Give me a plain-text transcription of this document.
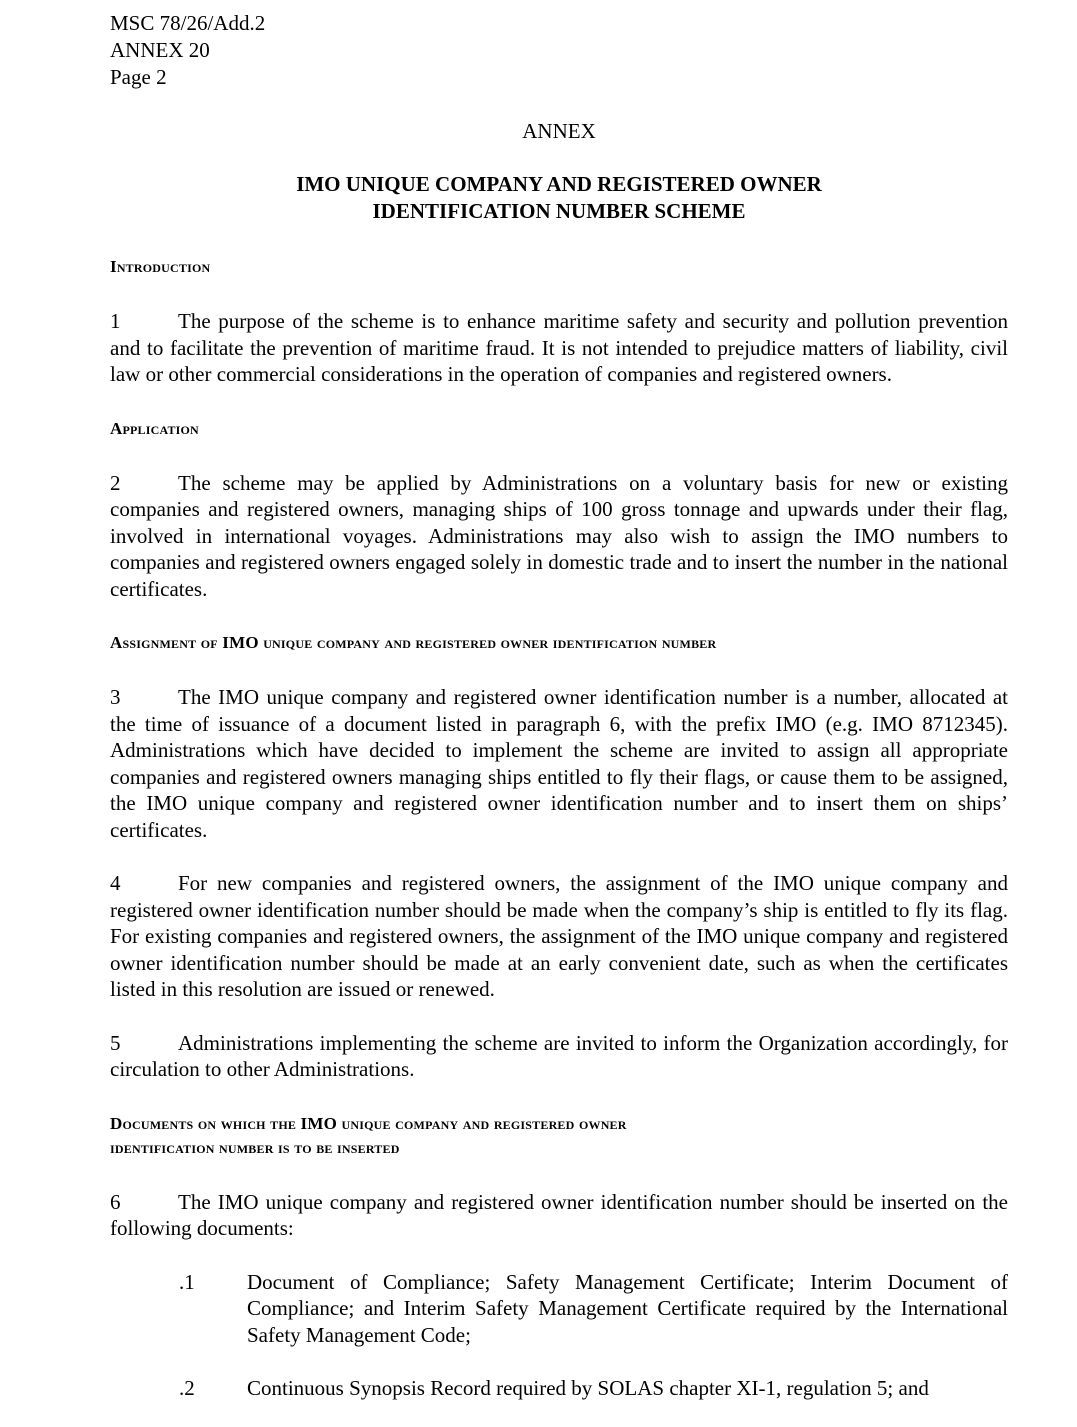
MSC 78/26/Add.2

ANNEX 20

Page 2

ANNEX

IMO UNIQUE COMPANY AND REGISTERED OWNER
IDENTIFICATION NUMBER SCHEME

Introduction

1	The purpose of the scheme is to enhance maritime safety and security and pollution prevention and to facilitate the prevention of maritime fraud. It is not intended to prejudice matters of liability, civil law or other commercial considerations in the operation of companies and registered owners.

Application

2	The scheme may be applied by Administrations on a voluntary basis for new or existing companies and registered owners, managing ships of 100 gross tonnage and upwards under their flag, involved in international voyages. Administrations may also wish to assign the IMO numbers to companies and registered owners engaged solely in domestic trade and to insert the number in the national certificates.

Assignment of IMO unique company and registered owner identification number

3	The IMO unique company and registered owner identification number is a number, allocated at the time of issuance of a document listed in paragraph 6, with the prefix IMO (e.g. IMO 8712345). Administrations which have decided to implement the scheme are invited to assign all appropriate companies and registered owners managing ships entitled to fly their flags, or cause them to be assigned, the IMO unique company and registered owner identification number and to insert them on ships’ certificates.

4	For new companies and registered owners, the assignment of the IMO unique company and registered owner identification number should be made when the company’s ship is entitled to fly its flag. For existing companies and registered owners, the assignment of the IMO unique company and registered owner identification number should be made at an early convenient date, such as when the certificates listed in this resolution are issued or renewed.

5	Administrations implementing the scheme are invited to inform the Organization accordingly, for circulation to other Administrations.

Documents on which the IMO unique company and registered owner

identification number is to be inserted

6	The IMO unique company and registered owner identification number should be inserted on the following documents:

.1 Document of Compliance; Safety Management Certificate; Interim Document of Compliance; and Interim Safety Management Certificate required by the International Safety Management Code;
.2 Continuous Synopsis Record required by SOLAS chapter XI-1, regulation 5; and
